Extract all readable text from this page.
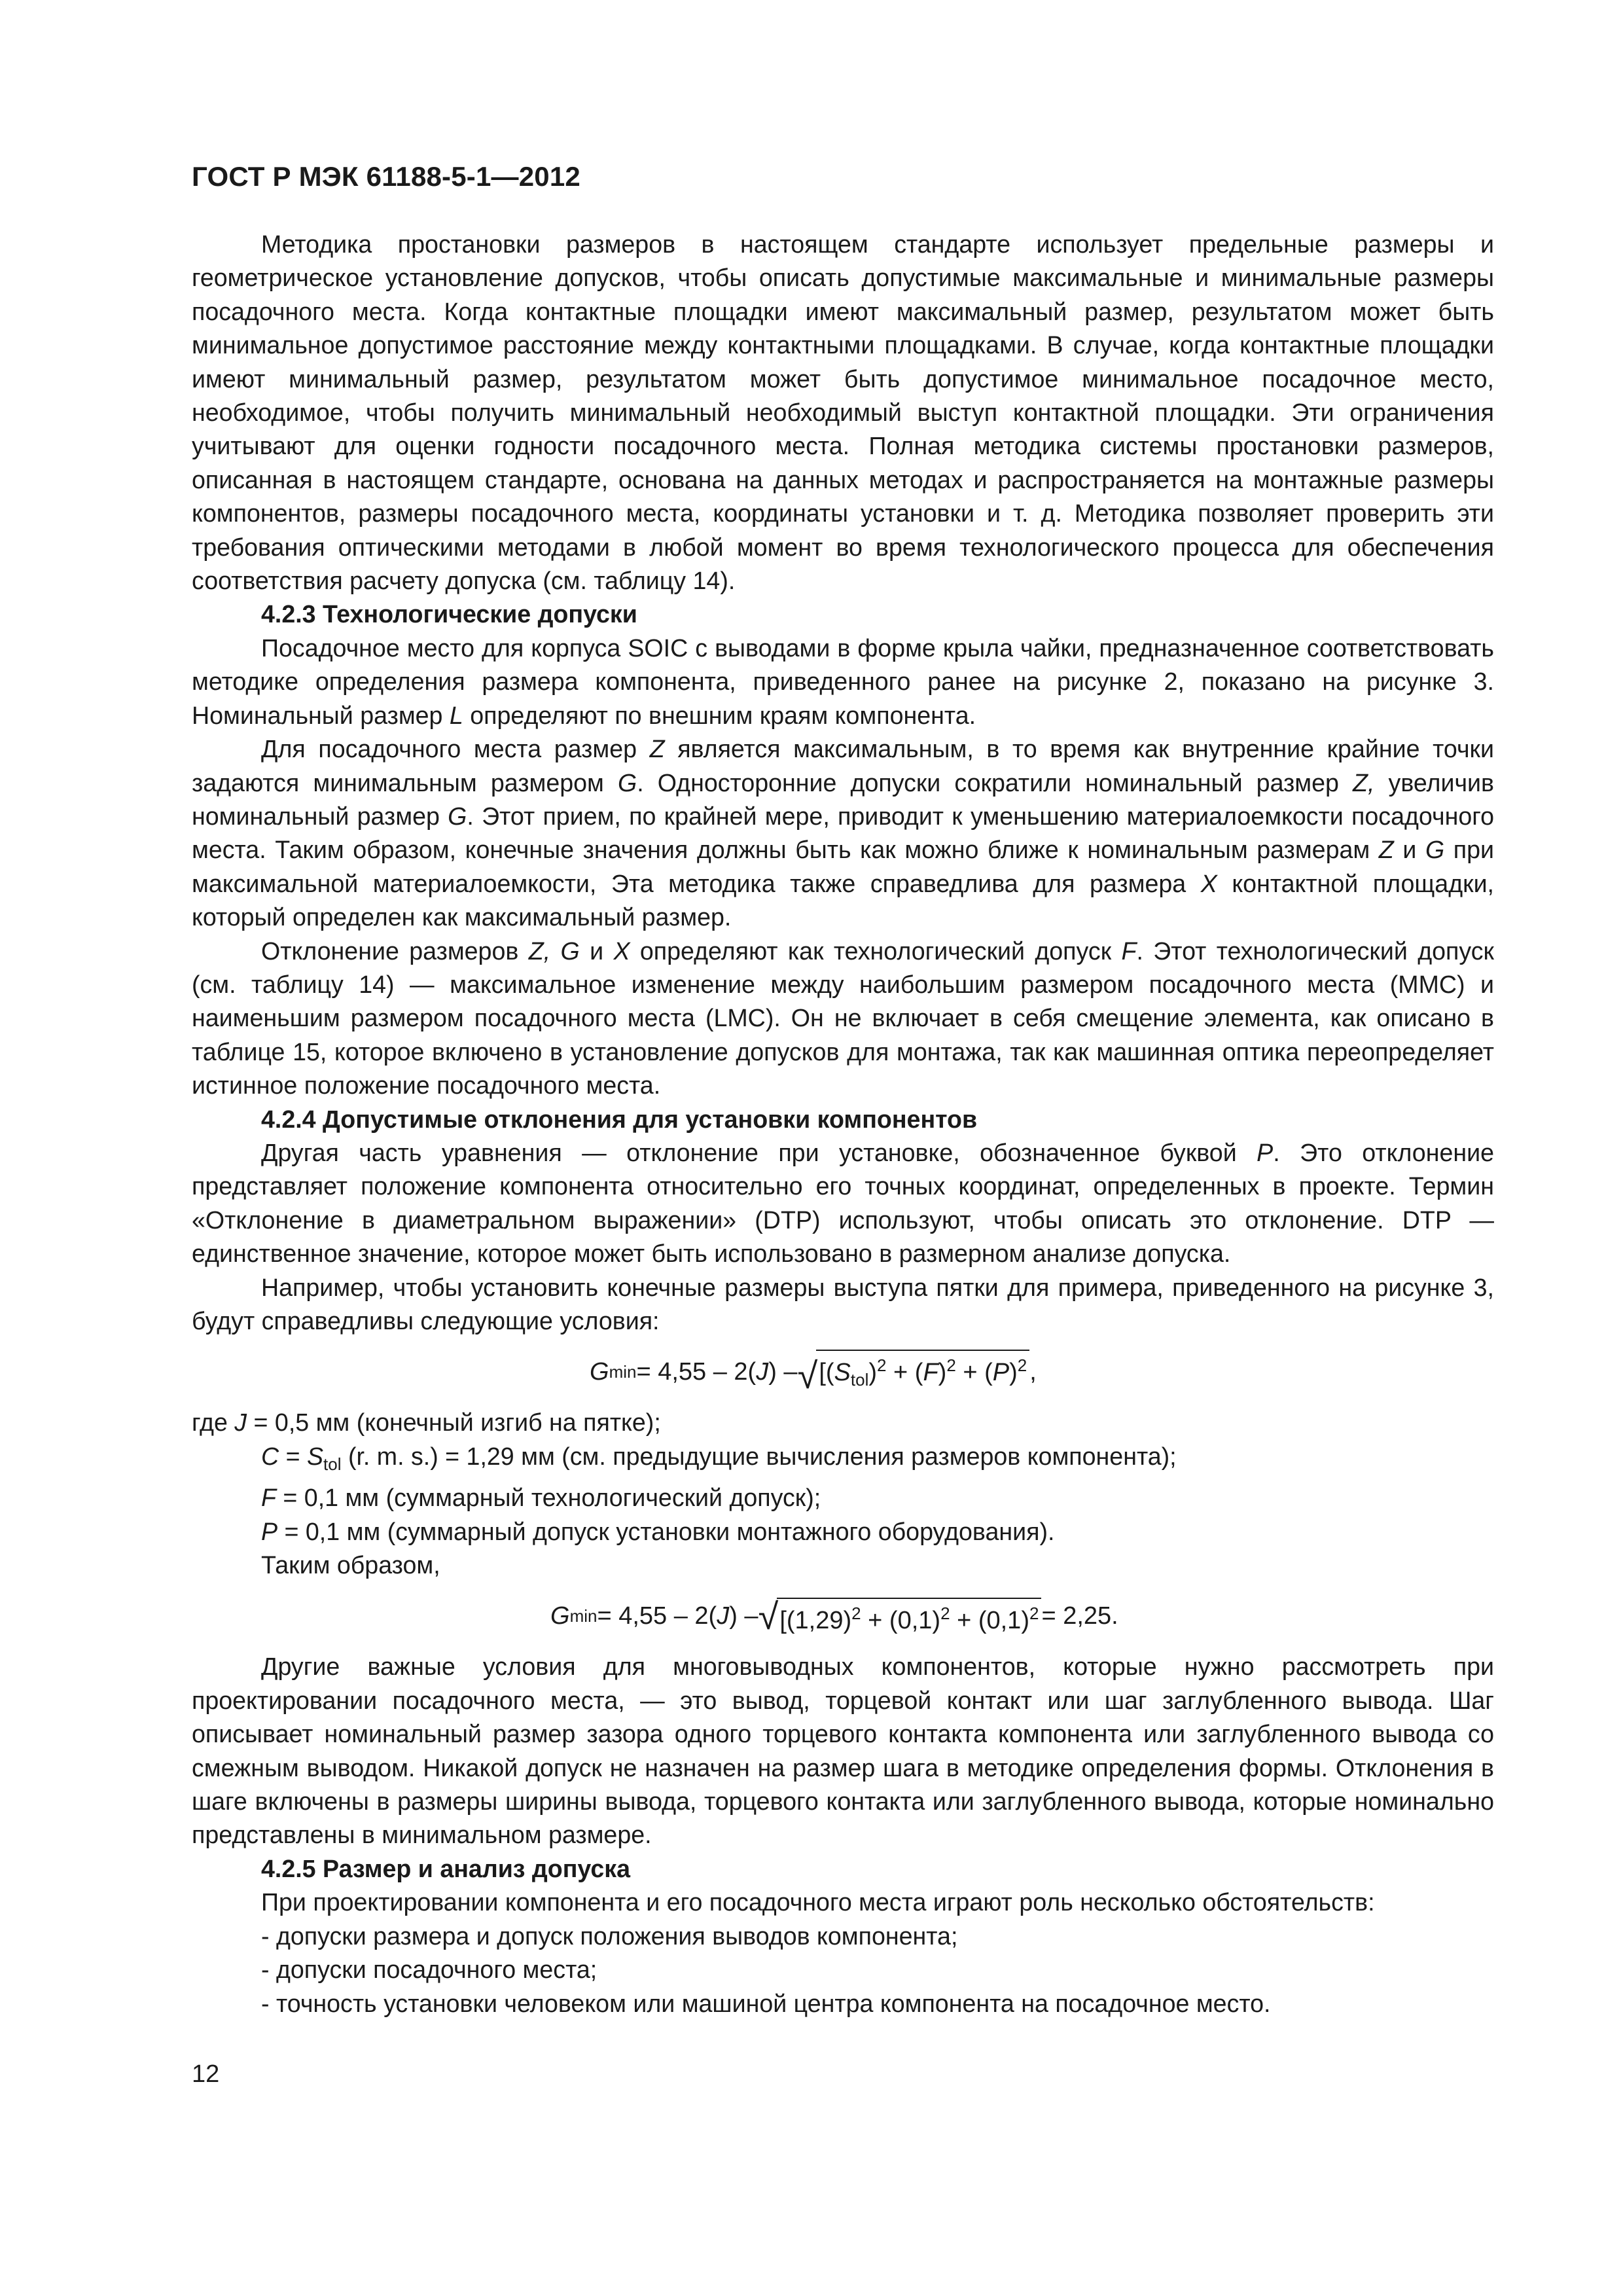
ГОСТ Р МЭК 61188-5-1—2012

Методика простановки размеров в настоящем стандарте использует предельные размеры и геометрическое установление допусков, чтобы описать допустимые максимальные и минимальные размеры посадочного места. Когда контактные площадки имеют максимальный размер, результатом может быть минимальное допустимое расстояние между контактными площадками. В случае, когда контактные площадки имеют минимальный размер, результатом может быть допустимое минимальное посадочное место, необходимое, чтобы получить минимальный необходимый выступ контактной площадки. Эти ограничения учитывают для оценки годности посадочного места. Полная методика системы простановки размеров, описанная в настоящем стандарте, основана на данных методах и распространяется на монтажные размеры компонентов, размеры посадочного места, координаты установки и т. д. Методика позволяет проверить эти требования оптическими методами в любой момент во время технологического процесса для обеспечения соответствия расчету допуска (см. таблицу 14).

4.2.3 Технологические допуски

Посадочное место для корпуса SOIC с выводами в форме крыла чайки, предназначенное соответствовать методике определения размера компонента, приведенного ранее на рисунке 2, показано на рисунке 3. Номинальный размер L определяют по внешним краям компонента.

Для посадочного места размер Z является максимальным, в то время как внутренние крайние точки задаются минимальным размером G. Односторонние допуски сократили номинальный размер Z, увеличив номинальный размер G. Этот прием, по крайней мере, приводит к уменьшению материалоемкости посадочного места. Таким образом, конечные значения должны быть как можно ближе к номинальным размерам Z и G при максимальной материалоемкости, Эта методика также справедлива для размера X контактной площадки, который определен как максимальный размер.

Отклонение размеров Z, G и X определяют как технологический допуск F. Этот технологический допуск (см. таблицу 14) — максимальное изменение между наибольшим размером посадочного места (ММС) и наименьшим размером посадочного места (LMC). Он не включает в себя смещение элемента, как описано в таблице 15, которое включено в установление допусков для монтажа, так как машинная оптика переопределяет истинное положение посадочного места.

4.2.4 Допустимые отклонения для установки компонентов

Другая часть уравнения — отклонение при установке, обозначенное буквой P. Это отклонение представляет положение компонента относительно его точных координат, определенных в проекте. Термин «Отклонение в диаметральном выражении» (DTP) используют, чтобы описать это отклонение. DTP — единственное значение, которое может быть использовано в размерном анализе допуска.

Например, чтобы установить конечные размеры выступа пятки для примера, приведенного на рисунке 3, будут справедливы следующие условия:

G min = 4,55 – 2( J ) – √ [$(S_{tol})^2 + (F)^2 + (P)^2$ ,

где J = 0,5 мм (конечный изгиб на пятке);

$C = S_{tol}$ (r. m. s.) = 1,29 мм (см. предыдущие вычисления размеров компонента);

F = 0,1 мм (суммарный технологический допуск);

P = 0,1 мм (суммарный допуск установки монтажного оборудования).

Таким образом,

G min = 4,55 – 2( J ) – √ [$(1,29)^2 + (0,1)^2 + (0,1)^2 = 2,25$.

Другие важные условия для многовыводных компонентов, которые нужно рассмотреть при проектировании посадочного места, — это вывод, торцевой контакт или шаг заглубленного вывода. Шаг описывает номинальный размер зазора одного торцевого контакта компонента или заглубленного вывода со смежным выводом. Никакой допуск не назначен на размер шага в методике определения формы. Отклонения в шаге включены в размеры ширины вывода, торцевого контакта или заглубленного вывода, которые номинально представлены в минимальном размере.

4.2.5 Размер и анализ допуска

При проектировании компонента и его посадочного места играют роль несколько обстоятельств:

- допуски размера и допуск положения выводов компонента;

- допуски посадочного места;

- точность установки человеком или машиной центра компонента на посадочное место.

12
